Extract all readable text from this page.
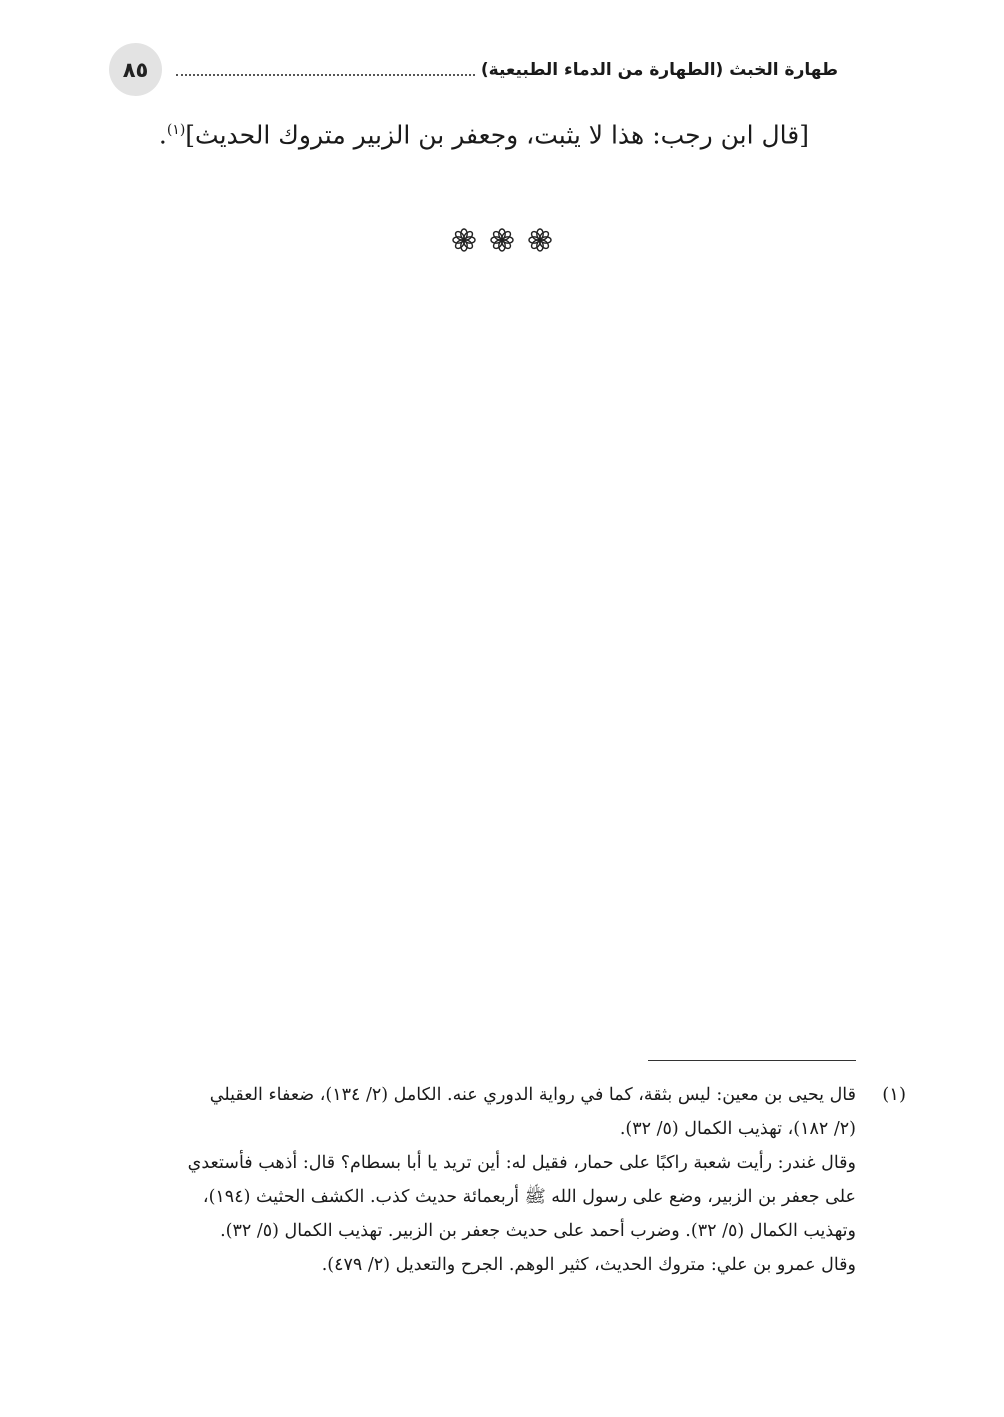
٨٥	طهارة الخبث (الطهارة من الدماء الطبيعية)
[قال ابن رجب: هذا لا يثبت، وجعفر بن الزبير متروك الحديث]$^{(١)}$.
(١)
قال يحيى بن معين: ليس بثقة، كما في رواية الدوري عنه. الكامل (٢/ ١٣٤)، ضعفاء العقيلي
(٢/ ١٨٢)، تهذيب الكمال (٥/ ٣٢).
وقال غندر: رأيت شعبة راكبًا على حمار، فقيل له: أين تريد يا أبا بسطام؟ قال: أذهب فأستعدي
على جعفر بن الزبير، وضع على رسول الله ﷺ أربعمائة حديث كذب. الكشف الحثيث (١٩٤)،
وتهذيب الكمال (٥/ ٣٢). وضرب أحمد على حديث جعفر بن الزبير. تهذيب الكمال (٥/ ٣٢).
وقال عمرو بن علي: متروك الحديث، كثير الوهم. الجرح والتعديل (٢/ ٤٧٩).
